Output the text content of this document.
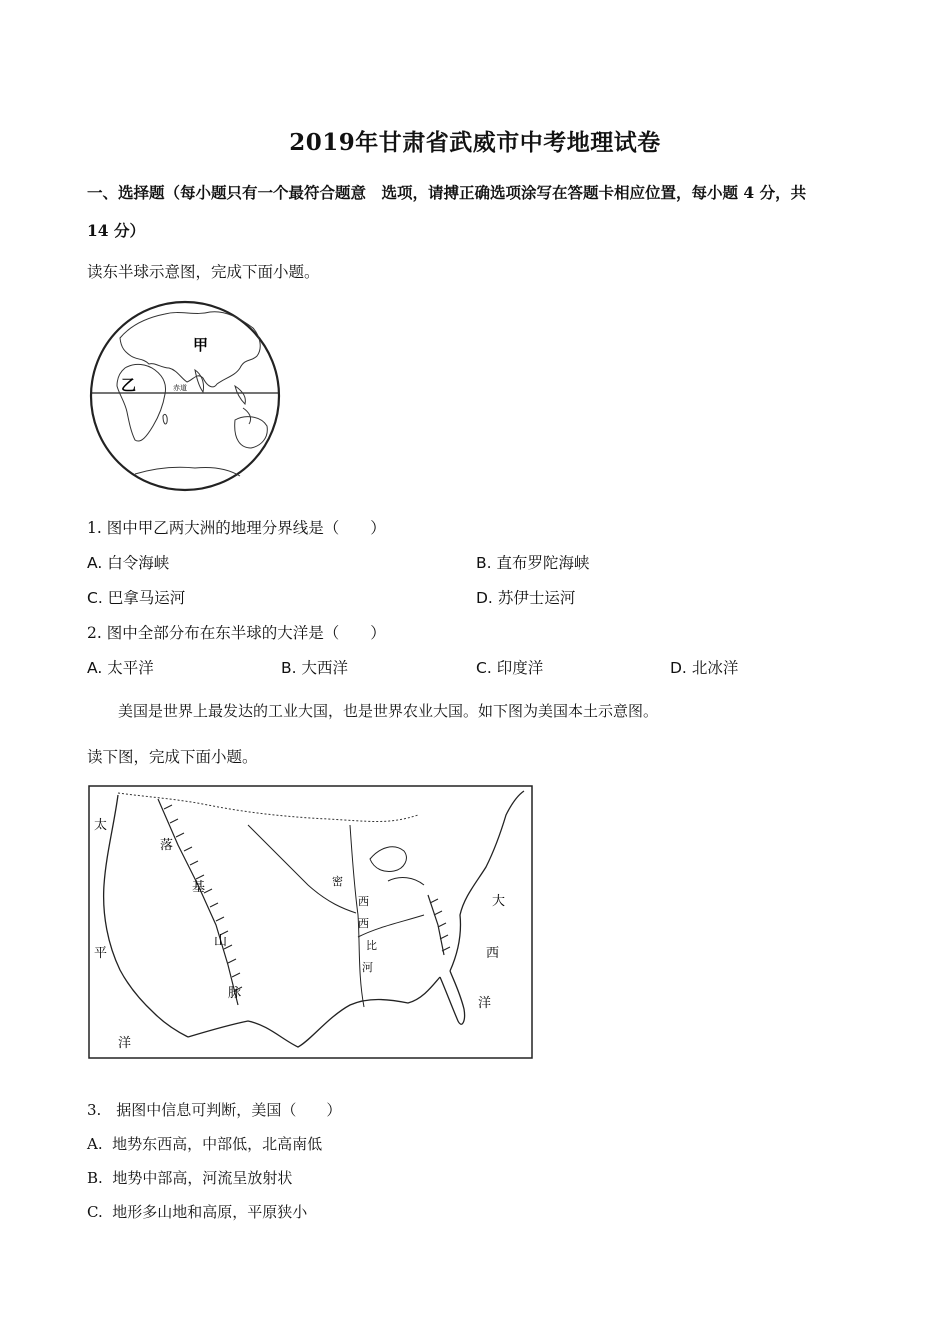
2019年甘肃省武威市中考地理试卷
一、选择题（每小题只有一个最符合题意　选项，请搏正确选项涂写在答题卡相应位置，每小题 4 分，共
14 分）
读东半球示意图，完成下面小题。
甲
乙	赤道
1. 图中甲乙两大洲的地理分界线是（　　）
A. 白令海峡	B. 直布罗陀海峡
C. 巴拿马运河	D. 苏伊士运河
2. 图中全部分布在东半球的大洋是（　　）
A. 太平洋	B. 大西洋	C. 印度洋	D. 北冰洋
美国是世界上最发达的工业大国，也是世界农业大国。如下图为美国本土示意图。
读下图，完成下面小题。
太
平
洋
大
西
洋
落
基
山
脉
密
西
西
比
河
3.　据图中信息可判断，美国（　　）
A. 地势东西高，中部低，北高南低
B. 地势中部高，河流呈放射状
C. 地形多山地和高原，平原狭小
